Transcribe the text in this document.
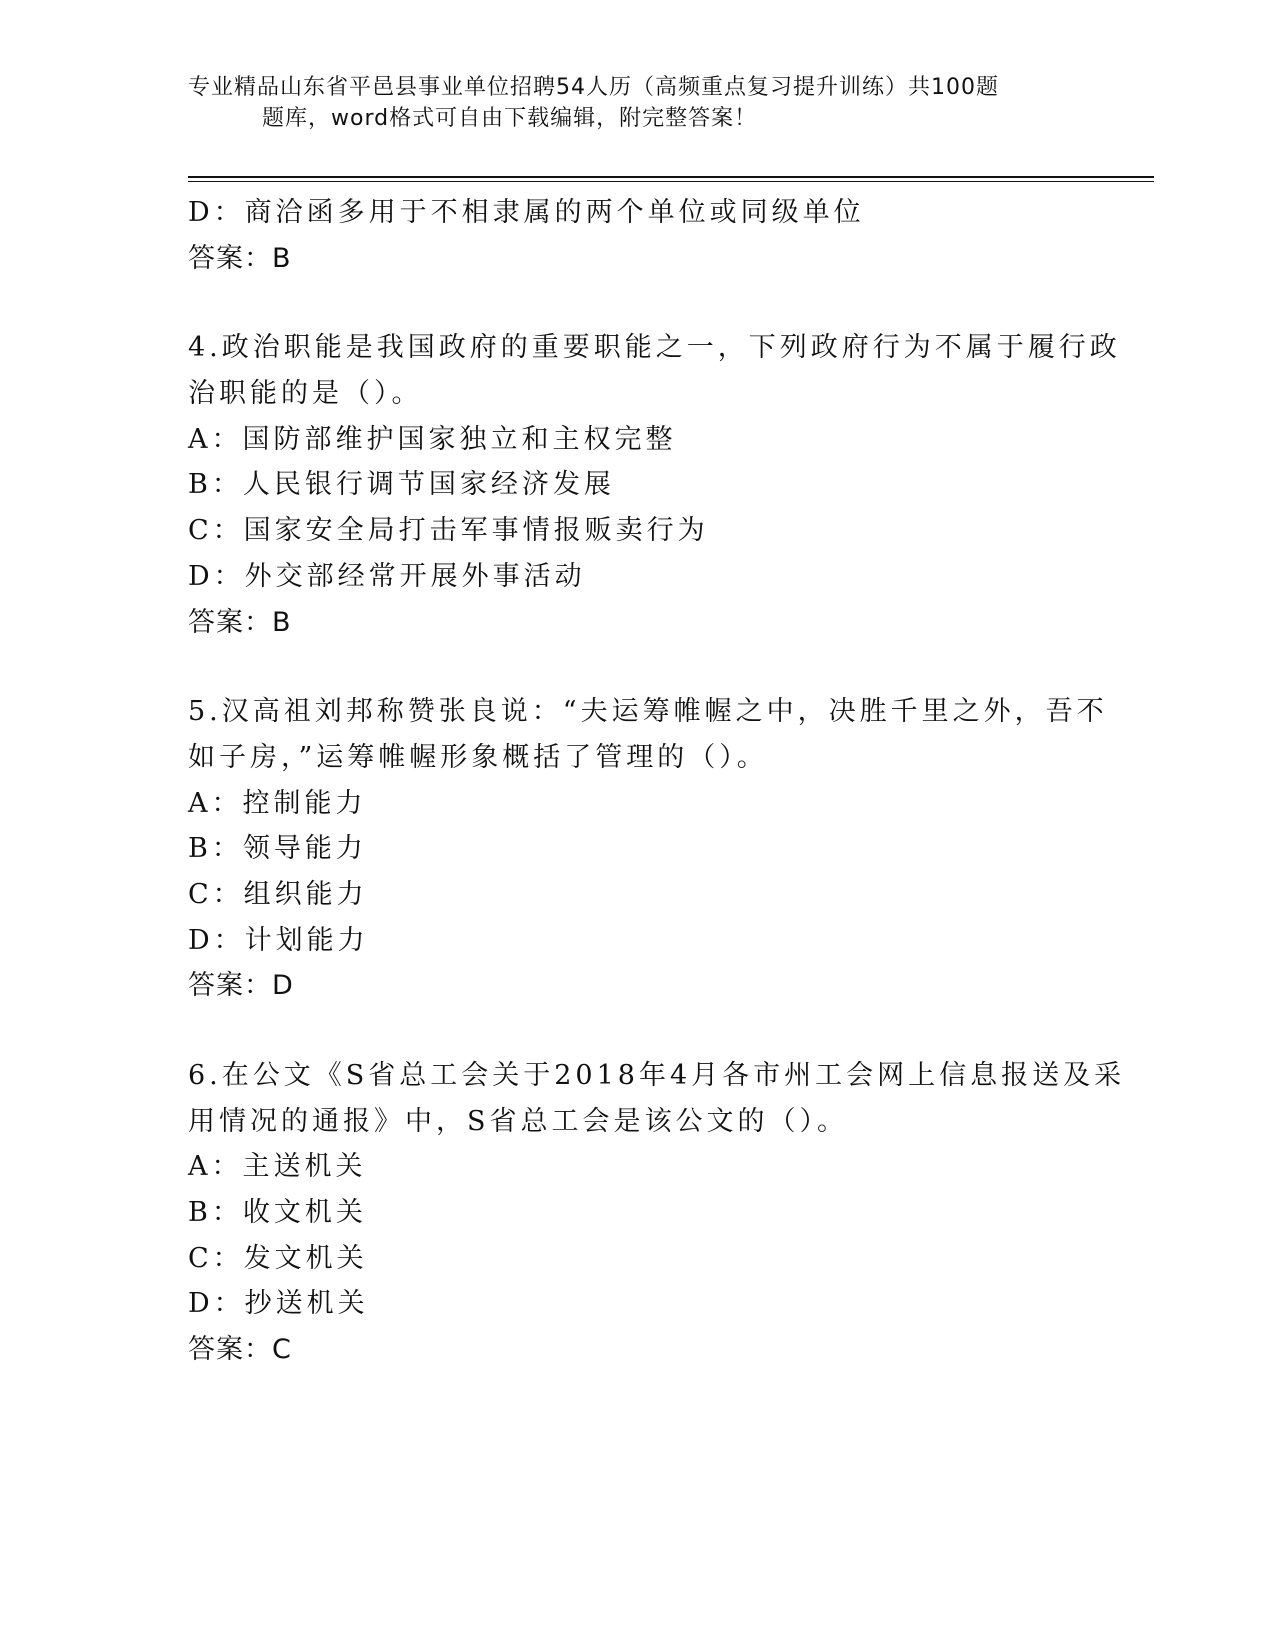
专业精品山东省平邑县事业单位招聘54人历（高频重点复习提升训练）共100题
题库，word格式可自由下载编辑，附完整答案！
D：商洽函多用于不相隶属的两个单位或同级单位
答案：B
4.政治职能是我国政府的重要职能之一，下列政府行为不属于履行政
治职能的是（）。
A：国防部维护国家独立和主权完整
B：人民银行调节国家经济发展
C：国家安全局打击军事情报贩卖行为
D：外交部经常开展外事活动
答案：B
5.汉高祖刘邦称赞张良说：“夫运筹帷幄之中，决胜千里之外，吾不
如子房，”运筹帷幄形象概括了管理的（）。
A：控制能力
B：领导能力
C：组织能力
D：计划能力
答案：D
6.在公文《S省总工会关于2018年4月各市州工会网上信息报送及采
用情况的通报》中，S省总工会是该公文的（）。
A：主送机关
B：收文机关
C：发文机关
D：抄送机关
答案：C
